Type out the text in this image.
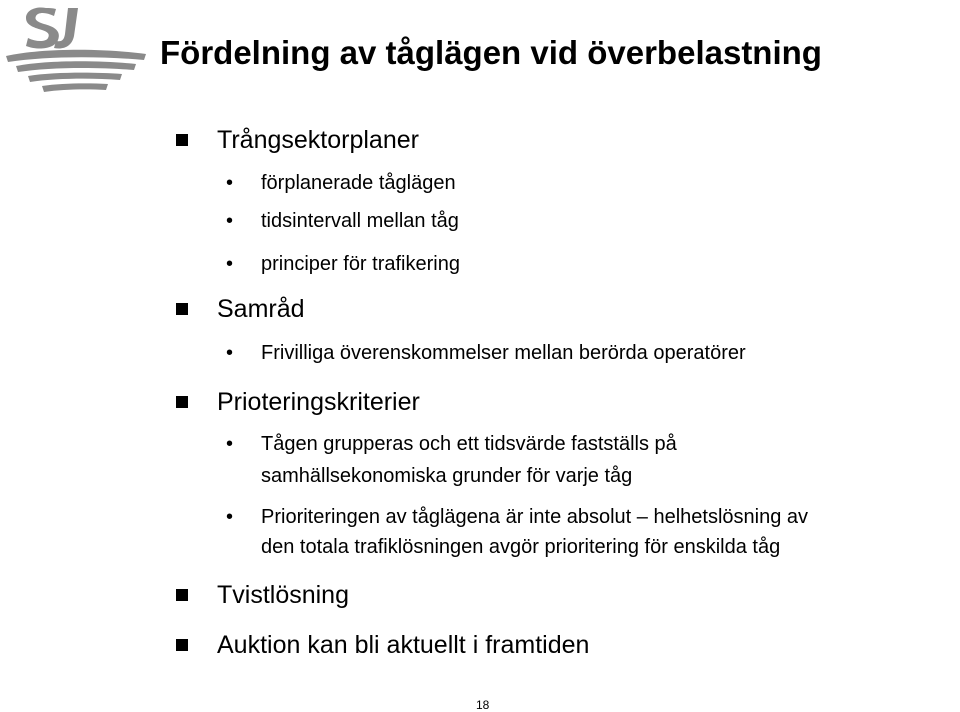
Fördelning av tåglägen vid överbelastning
Trångsektorplaner
• förplanerade tåglägen
• tidsintervall mellan tåg
• principer för trafikering
Samråd
• Frivilliga överenskommelser mellan berörda operatörer
Prioteringskriterier
• Tågen grupperas och ett tidsvärde fastställs på
samhällsekonomiska grunder för varje tåg
• Prioriteringen av tåglägena är inte absolut – helhetslösning av
den totala trafiklösningen avgör prioritering för enskilda tåg
Tvistlösning
Auktion kan bli aktuellt i framtiden
18
